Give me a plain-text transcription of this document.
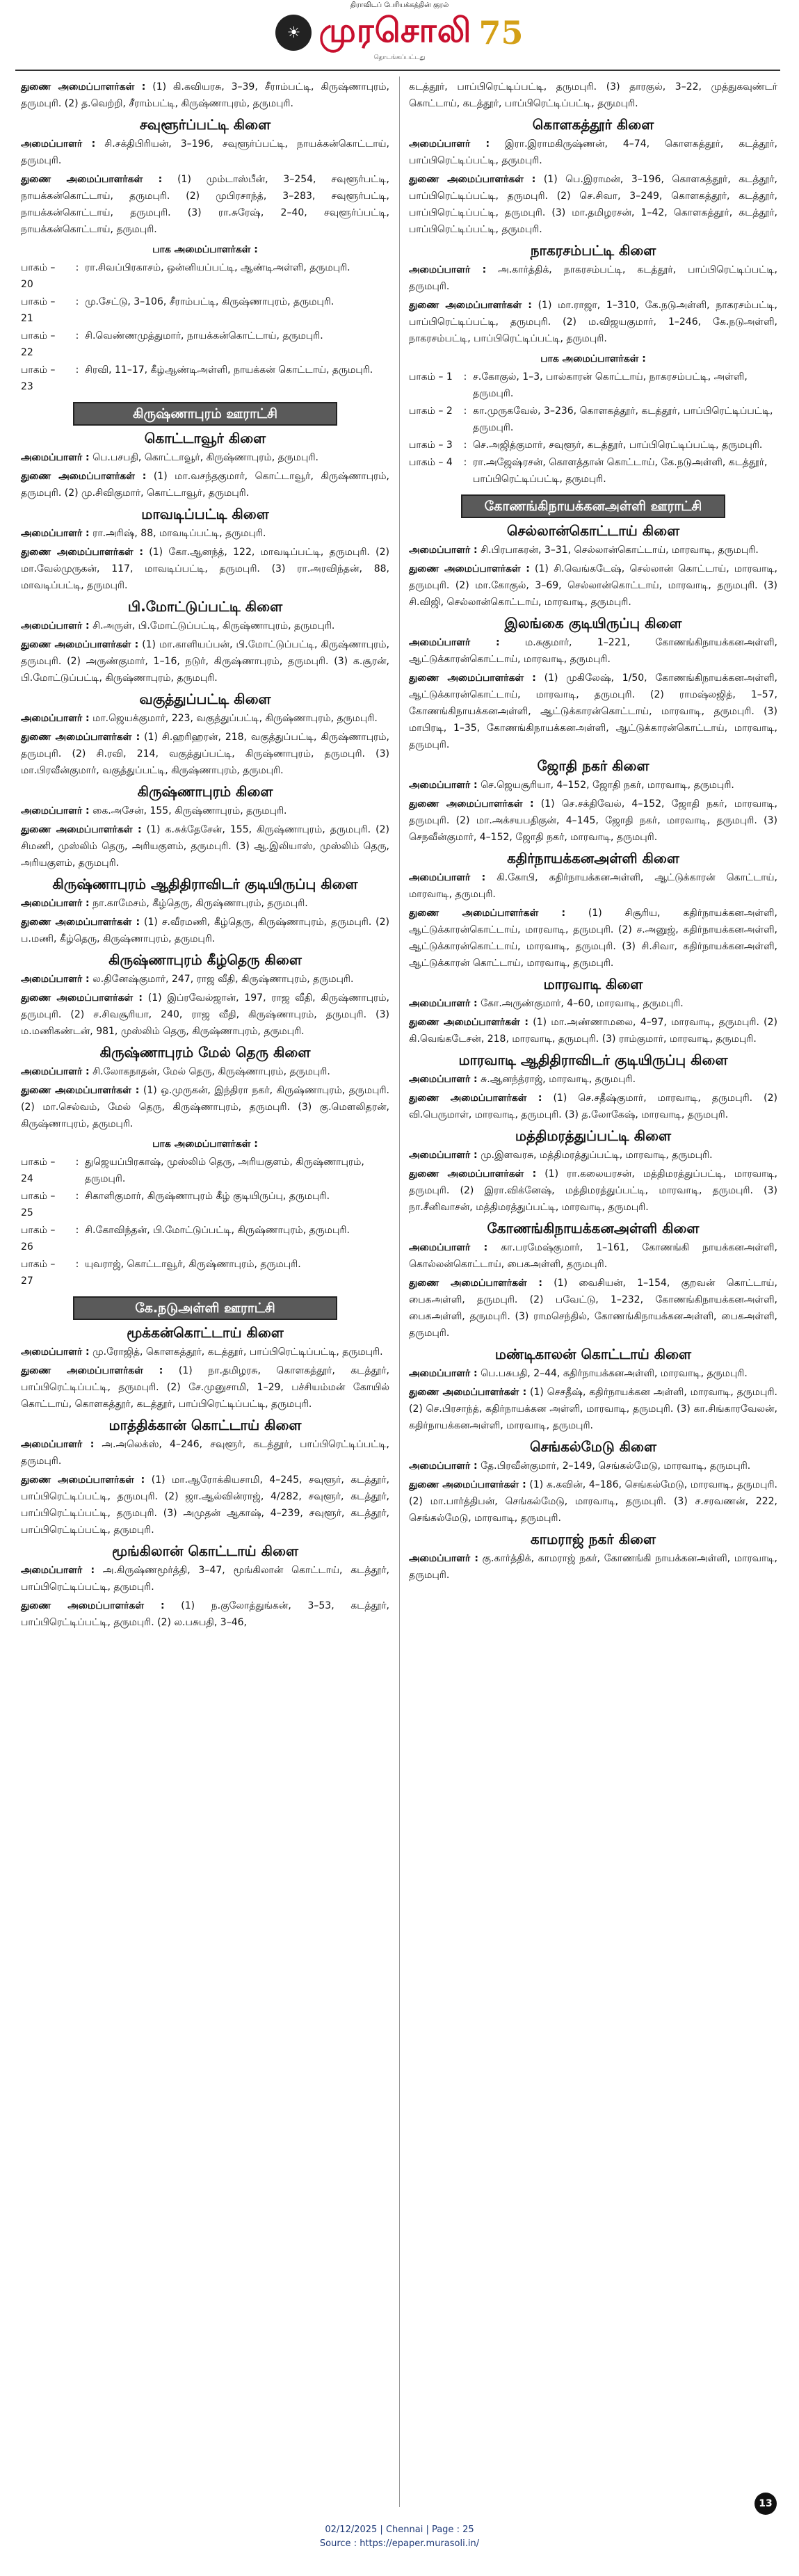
திராவிடப் பேரியக்கத்தின் குரல்
☀ முரசொலி 75
தொடங்கப்பட்டது
துணை அமைப்பாளர்கள் : (1) கி.கவியரசு, 3–39, சீராம்பட்டி, கிருஷ்ணாபுரம், தருமபுரி. (2) த.வெற்றி, சீராம்பட்டி, கிருஷ்ணாபுரம், தருமபுரி.
சவுளூர்ப்பட்டி கிளை
அமைப்பாளர் : சி.சக்திபிரியன், 3–196, சவுளூர்ப்பட்டி, நாயக்கன்கொட்டாய், தருமபுரி.
துணை அமைப்பாளர்கள் : (1) மும்டாஸ்பீன், 3–254, சவுளூர்பட்டி, நாயக்கன்கொட்டாய், தருமபுரி. (2) முபிரசாந்த், 3–283, சவுளூர்பட்டி, நாயக்கன்கொட்டாய், தருமபுரி. (3) ரா.சுரேஷ், 2–40, சவுளூர்ப்பட்டி, நாயக்கன்கொட்டாய், தருமபுரி.
பாக அமைப்பாளர்கள் :
பாகம் – 20
: ரா.சிவப்பிரகாசம், ஒன்னியப்பட்டி, ஆண்டிஅள்ளி, தருமபுரி.
பாகம் – 21
: மு.சேட்டு, 3–106, சீராம்பட்டி, கிருஷ்ணாபுரம், தருமபுரி.
பாகம் – 22
: சி.வெண்ணமுத்துமார், நாயக்கன்கொட்டாய், தருமபுரி.
பாகம் – 23
: சிரவி, 11–17, கீழ்ஆண்டிஅள்ளி, நாயக்கன் கொட்டாய், தருமபுரி.
கிருஷ்ணாபுரம் ஊராட்சி
கொட்டாவூர் கிளை
அமைப்பாளர் : பெ.பசபதி, கொட்டாவூர், கிருஷ்ணாபுரம், தருமபுரி.
துணை அமைப்பாளர்கள் : (1) மா.வசந்தகுமார், கொட்டாவூர், கிருஷ்ணாபுரம், தருமபுரி. (2) மு.சிவிகுமார், கொட்டாவூர், தருமபுரி.
மாவடிப்பட்டி கிளை
அமைப்பாளர் : ரா.அரிஷ், 88, மாவடிப்பட்டி, தருமபுரி.
துணை அமைப்பாளர்கள் : (1) கோ.ஆனந்த், 122, மாவடிப்பட்டி, தருமபுரி. (2) மா.வேல்முருகன், 117, மாவடிப்பட்டி, தருமபுரி. (3) ரா.அரவிந்தன், 88, மாவடிப்பட்டி, தருமபுரி.
பி.மோட்டுப்பட்டி கிளை
அமைப்பாளர் : சி.அருள், பி.மோட்டுப்பட்டி, கிருஷ்ணாபுரம், தருமபுரி.
துணை அமைப்பாளர்கள் : (1) மா.காளியப்பன், பி.மோட்டுப்பட்டி, கிருஷ்ணாபுரம், தருமபுரி. (2) அருண்குமார், 1–16, நடுர், கிருஷ்ணாபுரம், தருமபுரி. (3) க.சூரன், பி.மோட்டுப்பட்டி, கிருஷ்ணாபுரம், தருமபுரி.
வகுத்துப்பட்டி கிளை
அமைப்பாளர் : மா.ஜெயக்குமார், 223, வகுத்துப்பட்டி, கிருஷ்ணாபுரம், தருமபுரி.
துணை அமைப்பாளர்கள் : (1) சி.ஹரிஹரன், 218, வகுத்துப்பட்டி, கிருஷ்ணாபுரம், தருமபுரி. (2) சி.ரவி, 214, வகுத்துப்பட்டி, கிருஷ்ணாபுரம், தருமபுரி. (3) மா.பிரவீன்குமார், வகுத்துப்பட்டி, கிருஷ்ணாபுரம், தருமபுரி.
கிருஷ்ணாபுரம் கிளை
அமைப்பாளர் : கை.அசேன், 155, கிருஷ்ணாபுரம், தருமபுரி.
துணை அமைப்பாளர்கள் : (1) க.சுக்தேசேன், 155, கிருஷ்ணாபுரம், தருமபுரி. (2) சிமணி, முஸ்லிம் தெரு, அரியகுளம், தருமபுரி. (3) ஆ.இலியாஸ், முஸ்லிம் தெரு, அரியகுளம், தருமபுரி.
கிருஷ்ணாபுரம் ஆதிதிராவிடர் குடியிருப்பு கிளை
அமைப்பாளர் : நா.காமேசம், கீழ்தெரு, கிருஷ்ணாபுரம், தருமபுரி.
துணை அமைப்பாளர்கள் : (1) ச.வீரமணி, கீழ்தெரு, கிருஷ்ணாபுரம், தருமபுரி. (2) ப.மணி, கீழ்தெரு, கிருஷ்ணாபுரம், தருமபுரி.
கிருஷ்ணாபுரம் கீழ்தெரு கிளை
அமைப்பாளர் : ல.தினேஷ்குமார், 247, ராஜ வீதி, கிருஷ்ணாபுரம், தருமபுரி.
துணை அமைப்பாளர்கள் : (1) இப்ரவேல்ஜான், 197, ராஜ வீதி, கிருஷ்ணாபுரம், தருமபுரி. (2) ச.சிவசூரியா, 240, ராஜ வீதி, கிருஷ்ணாபுரம், தருமபுரி. (3) ம.மணிகண்டன், 981, முஸ்லிம் தெரு, கிருஷ்ணாபுரம், தருமபுரி.
கிருஷ்ணாபுரம் மேல் தெரு கிளை
அமைப்பாளர் : சி.லோகநாதன், மேல் தெரு, கிருஷ்ணாபுரம், தருமபுரி.
துணை அமைப்பாளர்கள் : (1) ஒ.முருகன், இந்திரா நகர், கிருஷ்ணாபுரம், தருமபுரி. (2) மா.செல்வம், மேல் தெரு, கிருஷ்ணாபுரம், தருமபுரி. (3) கு.மௌலிதரன், கிருஷ்ணாபுரம், தருமபுரி.
பாக அமைப்பாளர்கள் :
பாகம் – 24
: துஜெயப்பிரகாஷ், முஸ்லிம் தெரு, அரியகுளம், கிருஷ்ணாபுரம், தருமபுரி.
பாகம் – 25
: சிகாளிகுமார், கிருஷ்ணாபுரம் கீழ் குடியிருப்பு, தருமபுரி.
பாகம் – 26
: சி.கோவிந்தன், பி.மோட்டுப்பட்டி, கிருஷ்ணாபுரம், தருமபுரி.
பாகம் – 27
: யுவராஜ், கொட்டாவூர், கிருஷ்ணாபுரம், தருமபுரி.
கே.நடுஅள்ளி ஊராட்சி
மூக்கன்கொட்டாய் கிளை
அமைப்பாளர் : மு.ரோஜித், கொளகத்தூர், கடத்தூர், பாப்பிரெட்டிப்பட்டி, தருமபுரி.
துணை அமைப்பாளர்கள் : (1) நா.தமிழரசு, கொளகத்தூர், கடத்தூர், பாப்பிரெட்டிப்பட்டி, தருமபுரி. (2) சே.முனுசாமி, 1–29, பச்சியம்மன் கோயில் கொட்டாய், கொளகத்தூர், கடத்தூர், பாப்பிரெட்டிப்பட்டி, தருமபுரி.
மாத்திக்கான் கொட்டாய் கிளை
அமைப்பாளர் : அ.அலெக்ஸ், 4–246, சவுளூர், கடத்தூர், பாப்பிரெட்டிப்பட்டி, தருமபுரி.
துணை அமைப்பாளர்கள் : (1) மா.ஆரோக்கியசாமி, 4–245, சவுளூர், கடத்தூர், பாப்பிரெட்டிப்பட்டி, தருமபுரி. (2) ஜா.ஆல்வின்ராஜ், 4/282, சவுளூர், கடத்தூர், பாப்பிரெட்டிப்பட்டி, தருமபுரி. (3) அமுதன் ஆகாஷ், 4–239, சவுளூர், கடத்தூர், பாப்பிரெட்டிப்பட்டி, தருமபுரி.
மூங்கிலான் கொட்டாய் கிளை
அமைப்பாளர் : அ.கிருஷ்ணமூர்த்தி, 3–47, மூங்கிலான் கொட்டாய், கடத்தூர், பாப்பிரெட்டிப்பட்டி, தருமபுரி.
துணை அமைப்பாளர்கள் : (1) ந.குலோத்துங்கன், 3–53, கடத்தூர், பாப்பிரெட்டிப்பட்டி, தருமபுரி. (2) ல.பசுபதி, 3–46,
கடத்தூர், பாப்பிரெட்டிப்பட்டி, தருமபுரி. (3) தாரகுல், 3–22, முத்துகவுண்டர் கொட்டாய், கடத்தூர், பாப்பிரெட்டிப்பட்டி, தருமபுரி.
கொளகத்தூர் கிளை
அமைப்பாளர் : இரா.இராமகிருஷ்ணன், 4–74, கொளகத்தூர், கடத்தூர், பாப்பிரெட்டிப்பட்டி, தருமபுரி.
துணை அமைப்பாளர்கள் : (1) பெ.இராமன், 3–196, கொளகத்தூர், கடத்தூர், பாப்பிரெட்டிப்பட்டி, தருமபுரி. (2) செ.சிவா, 3–249, கொளகத்தூர், கடத்தூர், பாப்பிரெட்டிப்பட்டி, தருமபுரி. (3) மா.தமிழரசன், 1–42, கொளகத்தூர், கடத்தூர், பாப்பிரெட்டிப்பட்டி, தருமபுரி.
நாகரசம்பட்டி கிளை
அமைப்பாளர் : அ.கார்த்திக், நாகரசம்பட்டி, கடத்தூர், பாப்பிரெட்டிப்பட்டி, தருமபுரி.
துணை அமைப்பாளர்கள் : (1) மா.ராஜா, 1–310, கே.நடுஅள்ளி, நாகரசம்பட்டி, பாப்பிரெட்டிப்பட்டி, தருமபுரி. (2) ம.விஜயகுமார், 1–246, கே.நடுஅள்ளி, நாகரசம்பட்டி, பாப்பிரெட்டிப்பட்டி, தருமபுரி.
பாக அமைப்பாளர்கள் :
பாகம் – 1	: ச.கோகுல், 1–3, பால்காரன் கொட்டாய், நாகரசம்பட்டி, அள்ளி, தருமபுரி.
பாகம் – 2	: கா.முருகவேல், 3–236, கொளகத்தூர், கடத்தூர், பாப்பிரெட்டிப்பட்டி, தருமபுரி.
பாகம் – 3	: செ.அஜித்குமார், சவுளூர், கடத்தூர், பாப்பிரெட்டிப்பட்டி, தருமபுரி.
பாகம் – 4	: ரா.அஜேஷ்ரசன், கொளத்தான் கொட்டாய், கே.நடுஅள்ளி, கடத்தூர், பாப்பிரெட்டிப்பட்டி, தருமபுரி.
கோணங்கிநாயக்கனஅள்ளி ஊராட்சி
செல்லான்கொட்டாய் கிளை
அமைப்பாளர் : சி.பிரபாகரன், 3–31, செல்லான்கொட்டாய், மாரவாடி, தருமபுரி.
துணை அமைப்பாளர்கள் : (1) சி.வெங்கடேஷ், செல்லான் கொட்டாய், மாரவாடி, தருமபுரி. (2) மா.கோகுல், 3–69, செல்லான்கொட்டாய், மாரவாடி, தருமபுரி. (3) சி.விஜி, செல்லான்கொட்டாய், மாரவாடி, தருமபுரி.
இலங்கை குடியிருப்பு கிளை
அமைப்பாளர் : ம.சுகுமார், 1–221, கோணங்கிநாயக்கனஅள்ளி, ஆட்டுக்காரன்கொட்டாய், மாரவாடி, தருமபுரி.
துணை அமைப்பாளர்கள் : (1) முகிலேஷ், 1/50, கோணங்கிநாயக்கனஅள்ளி, ஆட்டுக்காரன்கொட்டாய், மாரவாடி, தருமபுரி. (2) ராமஷ்லஜித், 1–57, கோணங்கிநாயக்கனஅள்ளி, ஆட்டுக்காரன்கொட்டாய், மாரவாடி, தருமபுரி. (3) மாபிரடி, 1–35, கோணங்கிநாயக்கனஅள்ளி, ஆட்டுக்காரன்கொட்டாய், மாரவாடி, தருமபுரி.
ஜோதி நகர் கிளை
அமைப்பாளர் : செ.ஜெயசூரியா, 4–152, ஜோதி நகர், மாரவாடி, தருமபுரி.
துணை அமைப்பாளர்கள் : (1) செ.சக்திவேல், 4–152, ஜோதி நகர், மாரவாடி, தருமபுரி. (2) மா.அக்சயபதிகுன், 4–145, ஜோதி நகர், மாரவாடி, தருமபுரி. (3) செநவீன்குமார், 4–152, ஜோதி நகர், மாரவாடி, தருமபுரி.
கதிர்நாயக்கனஅள்ளி கிளை
அமைப்பாளர் : கி.கோபி, கதிர்நாயக்கனஅள்ளி, ஆட்டுக்காரன் கொட்டாய், மாரவாடி, தருமபுரி.
துணை அமைப்பாளர்கள் : (1) சிசூரிய, கதிர்நாயக்கனஅள்ளி, ஆட்டுக்காரன்கொட்டாய், மாரவாடி, தருமபுரி. (2) ச.அனுஜ், கதிர்நாயக்கனஅள்ளி, ஆட்டுக்காரன்கொட்டாய், மாரவாடி, தருமபுரி. (3) சி.சிவா, கதிர்நாயக்கனஅள்ளி, ஆட்டுக்காரன் கொட்டாய், மாரவாடி, தருமபுரி.
மாரவாடி கிளை
அமைப்பாளர் : கோ.அருண்குமார், 4–60, மாரவாடி, தருமபுரி.
துணை அமைப்பாளர்கள் : (1) மா.அண்ணாமலை, 4–97, மாரவாடி, தருமபுரி. (2) கி.வெங்கடேசன், 218, மாரவாடி, தருமபுரி. (3) ராம்குமார், மாரவாடி, தருமபுரி.
மாரவாடி ஆதிதிராவிடர் குடியிருப்பு கிளை
அமைப்பாளர் : சு.ஆனந்த்ராஜ், மாரவாடி, தருமபுரி.
துணை அமைப்பாளர்கள் : (1) செ.சதீஷ்குமார், மாரவாடி, தருமபுரி. (2) வி.பெருமாள், மாரவாடி, தருமபுரி. (3) த.லோகேஷ், மாரவாடி, தருமபுரி.
மத்திமரத்துப்பட்டி கிளை
அமைப்பாளர் : மு.இளவரசு, மத்திமரத்துப்பட்டி, மாரவாடி, தருமபுரி.
துணை அமைப்பாளர்கள் : (1) ரா.கலையரசன், மத்திமரத்துப்பட்டி, மாரவாடி, தருமபுரி. (2) இரா.விக்னேஷ், மத்திமரத்துப்பட்டி, மாரவாடி, தருமபுரி. (3) நா.சீனிவாசன், மத்திமரத்துப்பட்டி, மாரவாடி, தருமபுரி.
கோணங்கிநாயக்கனஅள்ளி கிளை
அமைப்பாளர் : கா.பரமேஷ்குமார், 1–161, கோணங்கி நாயக்கனஅள்ளி, கொல்லன்கொட்டாய், பைகஅள்ளி, தருமபுரி.
துணை அமைப்பாளர்கள் : (1) வைசியன், 1–154, குறவன் கொட்டாய், பைகஅள்ளி, தருமபுரி. (2) பவேட்டு, 1–232, கோணங்கிநாயக்கனஅள்ளி, பைகஅள்ளி, தருமபுரி. (3) ராமசெந்தில், கோணங்கிநாயக்கனஅள்ளி, பைகஅள்ளி, தருமபுரி.
மண்டிகாலன் கொட்டாய் கிளை
அமைப்பாளர் : பெ.பசுபதி, 2–44, கதிர்நாயக்கனஅள்ளி, மாரவாடி, தருமபுரி.
துணை அமைப்பாளர்கள் : (1) செசதீஷ், கதிர்நாயக்கன அள்ளி, மாரவாடி, தருமபுரி. (2) செ.பிரசாந்த், கதிர்நாயக்கன அள்ளி, மாரவாடி, தருமபுரி. (3) கா.சிங்காரவேலன், கதிர்நாயக்கனஅள்ளி, மாரவாடி, தருமபுரி.
செங்கல்மேடு கிளை
அமைப்பாளர் : தே.பிரவீன்குமார், 2–149, செங்கல்மேடு, மாரவாடி, தருமபுரி.
துணை அமைப்பாளர்கள் : (1) க.கவின், 4–186, செங்கல்மேடு, மாரவாடி, தருமபுரி. (2) மா.பார்த்திபன், செங்கல்மேடு, மாரவாடி, தருமபுரி. (3) ச.சரவணன், 222, செங்கல்மேடு, மாரவாடி, தருமபுரி.
காமராஜ் நகர் கிளை
அமைப்பாளர் : கு.கார்த்திக், காமராஜ் நகர், கோணங்கி நாயக்கனஅள்ளி, மாரவாடி, தருமபுரி.
13
02/12/2025 | Chennai | Page : 25
Source : https://epaper.murasoli.in/
